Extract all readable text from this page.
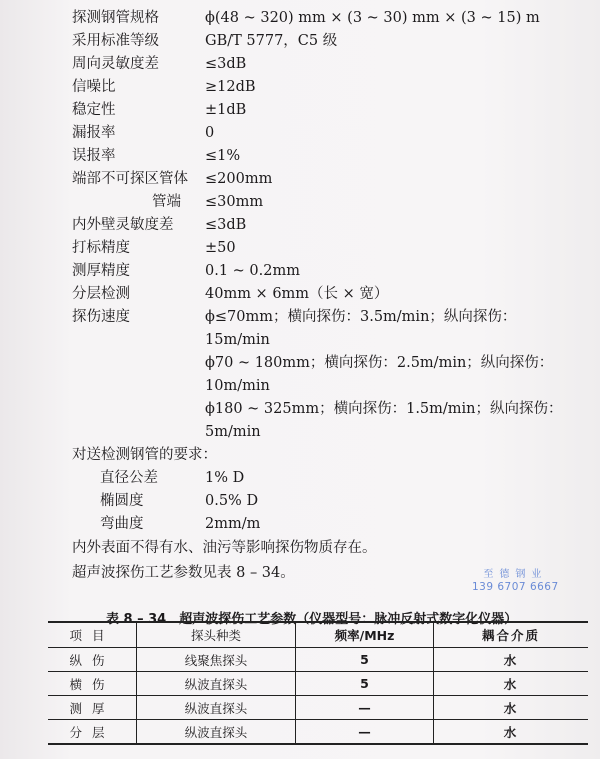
探测钢管规格	ϕ(48 ~ 320) mm × (3 ~ 30) mm × (3 ~ 15) m
采用标准等级	GB/T 5777，C5 级
周向灵敏度差	≤3dB
信噪比	≥12dB
稳定性	±1dB
漏报率	0
误报率	≤1%
端部不可探区管体 ≤200mm
管端 ≤30mm
内外壁灵敏度差 ≤3dB
打标精度	±50
测厚精度	0.1 ~ 0.2mm
分层检测	40mm × 6mm（长 × 宽）
探伤速度	ϕ≤70mm；横向探伤：3.5m/min；纵向探伤：
15m/min
ϕ70 ~ 180mm；横向探伤：2.5m/min；纵向探伤：
10m/min
ϕ180 ~ 325mm；横向探伤：1.5m/min；纵向探伤：
5m/min
对送检测钢管的要求：
直径公差	1% D
椭圆度	0.5% D
弯曲度	2mm/m
内外表面不得有水、油污等影响探伤物质存在。
超声波探伤工艺参数见表 8 – 34。	至德钢业
139 6707 6667
表 8 – 34　超声波探伤工艺参数（仪器型号：脉冲反射式数字化仪器）
项目	探头种类	频率/MHz	耦合介质
纵伤	线聚焦探头	5	水
横伤	纵波直探头	5	水
测厚	纵波直探头	—	水
分层	纵波直探头	—	水
